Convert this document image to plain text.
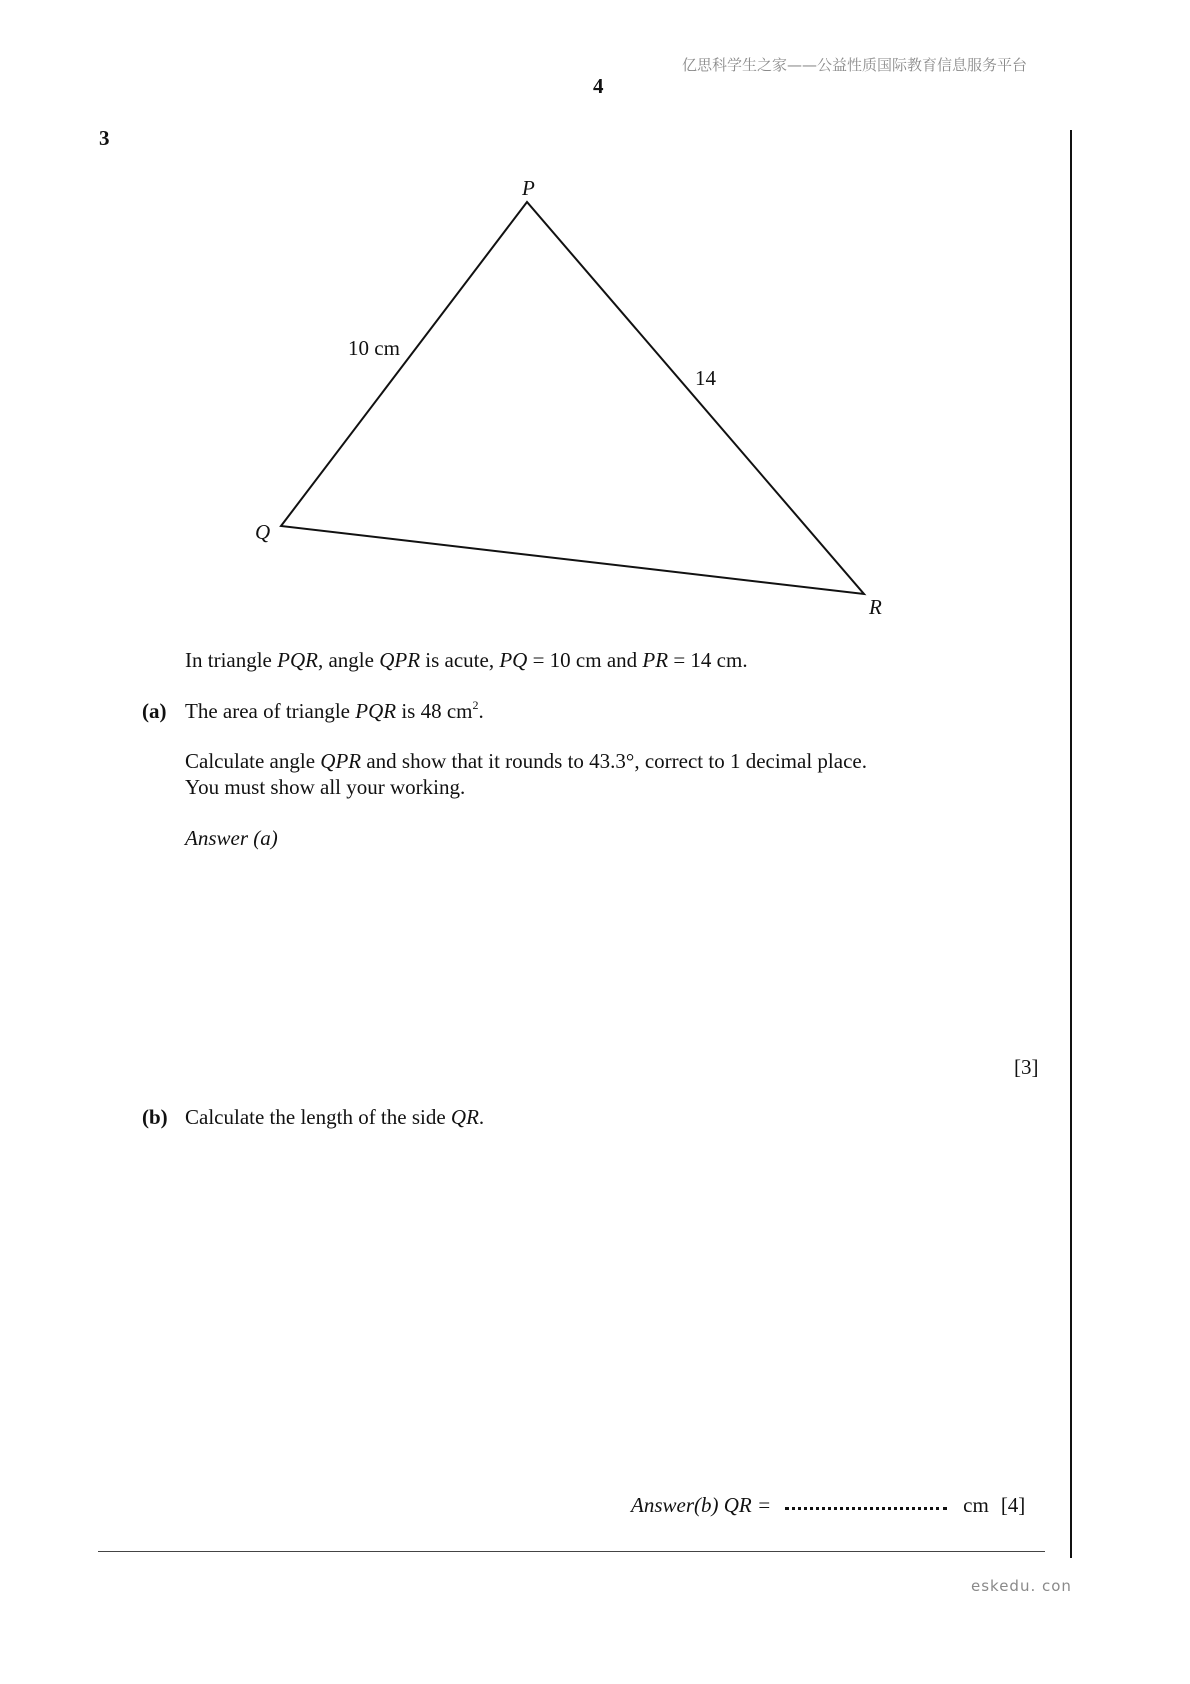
亿思科学生之家——公益性质国际教育信息服务平台
4
3
P
Q
R
10 cm
14
In triangle PQR, angle QPR is acute, PQ = 10 cm and PR = 14 cm.
(a) The area of triangle PQR is 48 $cm^2$.
Calculate angle QPR and show that it rounds to 43.3°, correct to 1 decimal place.
You must show all your working.
Answer (a)
[3]
(b) Calculate the length of the side QR.
Answer(b) QR =	cm [4]
eskedu. con
